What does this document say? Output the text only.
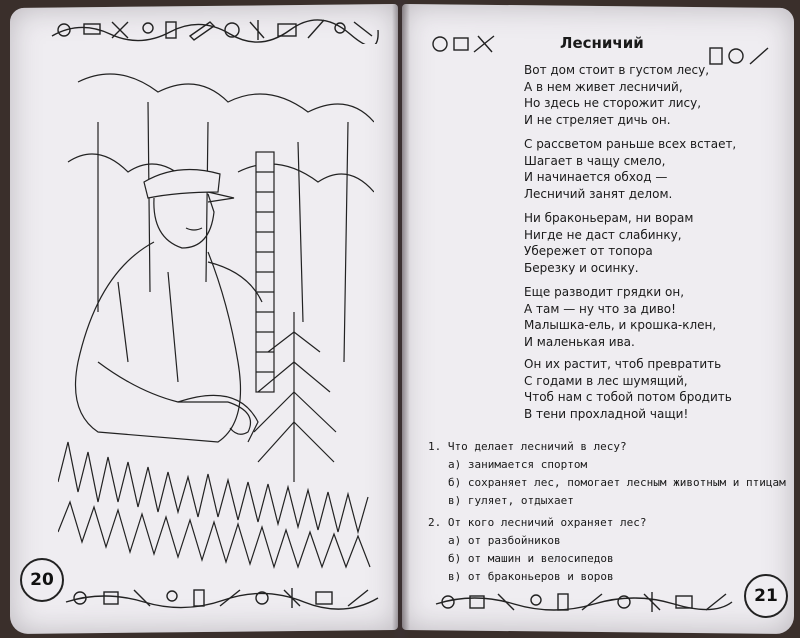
20
Лесничий
Вот дом стоит в густом лесу,
А в нем живет лесничий,
Но здесь не сторожит лису,
И не стреляет дичь он.
С рассветом раньше всех встает,
Шагает в чащу смело,
И начинается обход —
Лесничий занят делом.
Ни браконьерам, ни ворам
Нигде не даст слабинку,
Убережет от топора
Березку и осинку.
Еще разводит грядки он,
А там — ну что за диво!
Малышка-ель, и крошка-клен,
И маленькая ива.
Он их растит, чтоб превратить
С годами в лес шумящий,
Чтоб нам с тобой потом бродить
В тени прохладной чащи!
1. Что делает лесничий в лесу?
а) занимается спортом
б) сохраняет лес, помогает лесным животным и птицам
в) гуляет, отдыхает
2. От кого лесничий охраняет лес?
а) от разбойников
б) от машин и велосипедов
в) от браконьеров и воров
21
